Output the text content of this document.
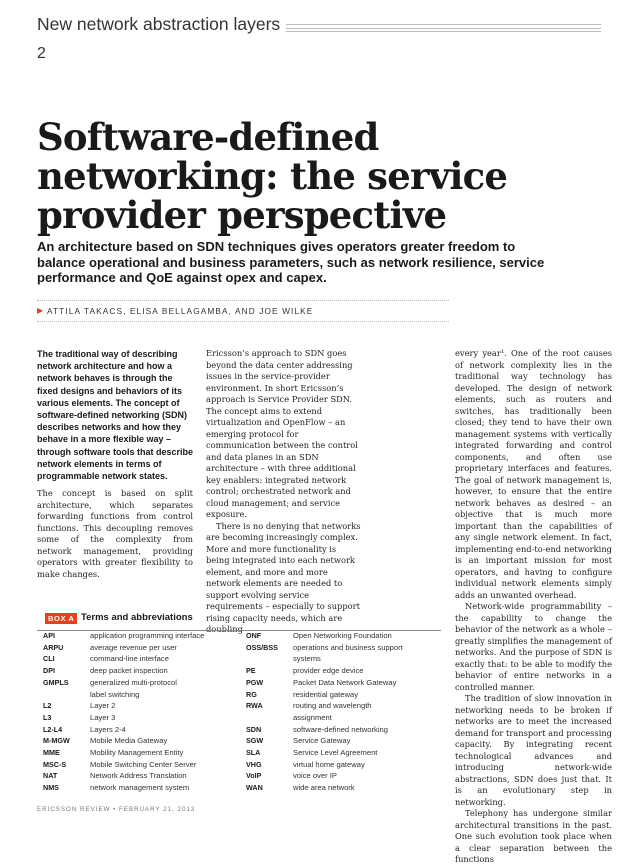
New network abstraction layers
2
Software-defined networking: the service provider perspective

An architecture based on SDN techniques gives operators greater freedom to balance operational and business parameters, such as network resilience, service performance and QoE against opex and capex.

▶ ATTILA TAKACS, ELISA BELLAGAMBA, AND JOE WILKE

The traditional way of describing network architecture and how a network behaves is through the fixed designs and behaviors of its various elements. The concept of software-defined networking (SDN) describes networks and how they behave in a more flexible way – through software tools that describe network elements in terms of programmable network states.

The concept is based on split architecture, which separates forwarding functions from control functions. This decoupling removes some of the complexity from network management, providing operators with greater flexibility to make changes.

Ericsson’s approach to SDN goes beyond the data center addressing issues in the service-provider environment. In short Ericsson’s approach is Service Provider SDN. The concept aims to extend virtualization and OpenFlow – an emerging protocol for communication between the control and data planes in an SDN architecture – with three additional key enablers: integrated network control; orchestrated network and cloud management; and service exposure.

There is no denying that networks are becoming increasingly complex. More and more functionality is being integrated into each network element, and more and more network elements are needed to support evolving service requirements – especially to support rising capacity needs, which are doubling

every year¹. One of the root causes of network complexity lies in the traditional way technology has developed. The design of network elements, such as routers and switches, has traditionally been closed; they tend to have their own management systems with vertically integrated forwarding and control components, and often use proprietary interfaces and features. The goal of network management is, however, to ensure that the entire network behaves as desired – an objective that is much more important than the capabilities of any single network element. In fact, implementing end-to-end networking is an important mission for most operators, and having to configure individual network elements simply adds an unwanted overhead.

Network-wide programmability – the capability to change the behavior of the network as a whole – greatly simplifies the management of networks. And the purpose of SDN is exactly that: to be able to modify the behavior of entire networks in a controlled manner.

The tradition of slow innovation in networking needs to be broken if networks are to meet the increased demand for transport and processing capacity. By integrating recent technological advances and introducing network-wide abstractions, SDN does just that. It is an evolutionary step in networking.

Telephony has undergone similar architectural transitions in the past. One such evolution took place when a clear separation between the functions

BOX A Terms and abbreviations
API	application programming interface
ARPU	average revenue per user
CLI	command-line interface
DPI	deep packet inspection
GMPLS	generalized multi-protocol
label switching
L2	Layer 2
L3	Layer 3
L2-L4	Layers 2-4
M-MGW	Mobile Media Gateway
MME	Mobility Management Entity
MSC-S	Mobile Switching Center Server
NAT	Network Address Translation
NMS	network management system
ONF	Open Networking Foundation
OSS/BSS	operations and business support
systems
PE	provider edge device
PGW	Packet Data Network Gateway
RG	residential gateway
RWA	routing and wavelength
assignment
SDN	software-defined networking
SGW	Service Gateway
SLA	Service Level Agreement
VHG	virtual home gateway
VoIP	voice over IP
WAN	wide area network
ERICSSON REVIEW • FEBRUARY 21, 2013
